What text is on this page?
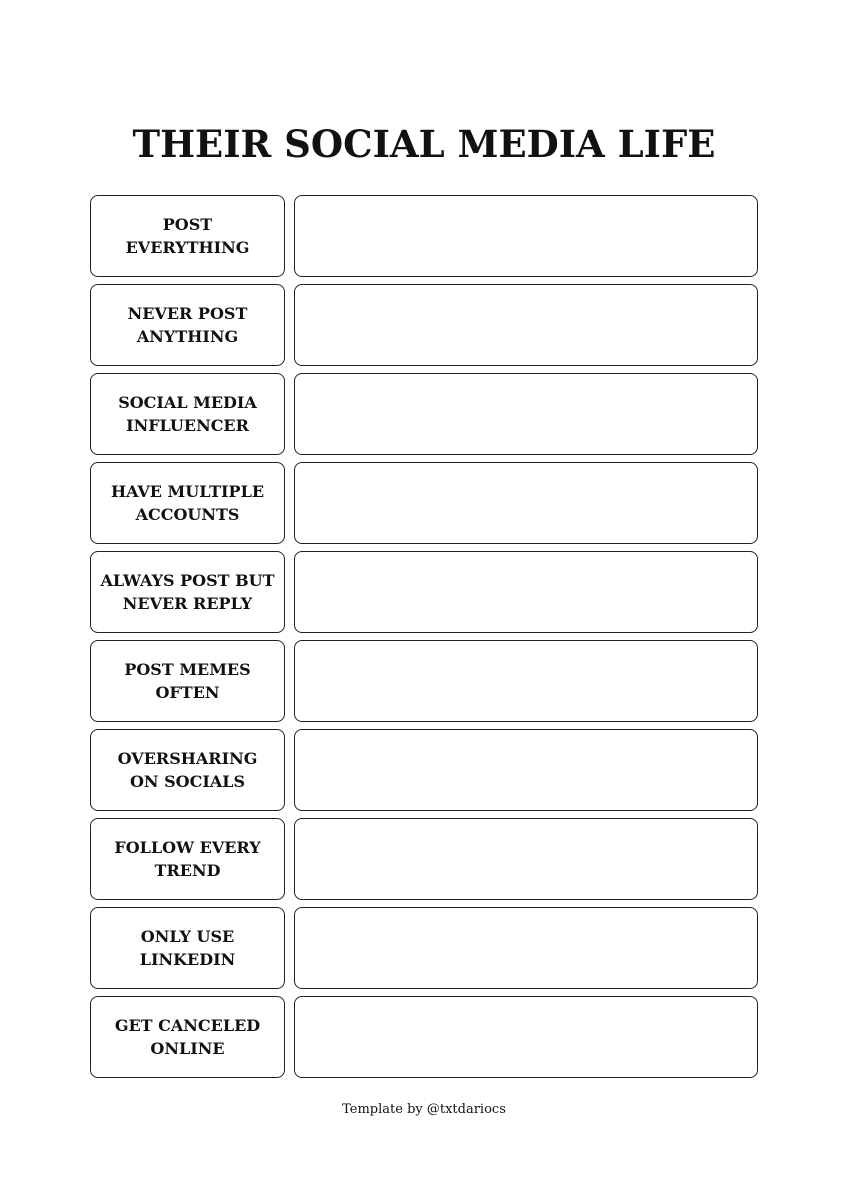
THEIR SOCIAL MEDIA LIFE
POST
EVERYTHING
NEVER POST
ANYTHING
SOCIAL MEDIA
INFLUENCER
HAVE MULTIPLE
ACCOUNTS
ALWAYS POST BUT
NEVER REPLY
POST MEMES
OFTEN
OVERSHARING
ON SOCIALS
FOLLOW EVERY
TREND
ONLY USE
LINKEDIN
GET CANCELED
ONLINE
Template by @txtdariocs
